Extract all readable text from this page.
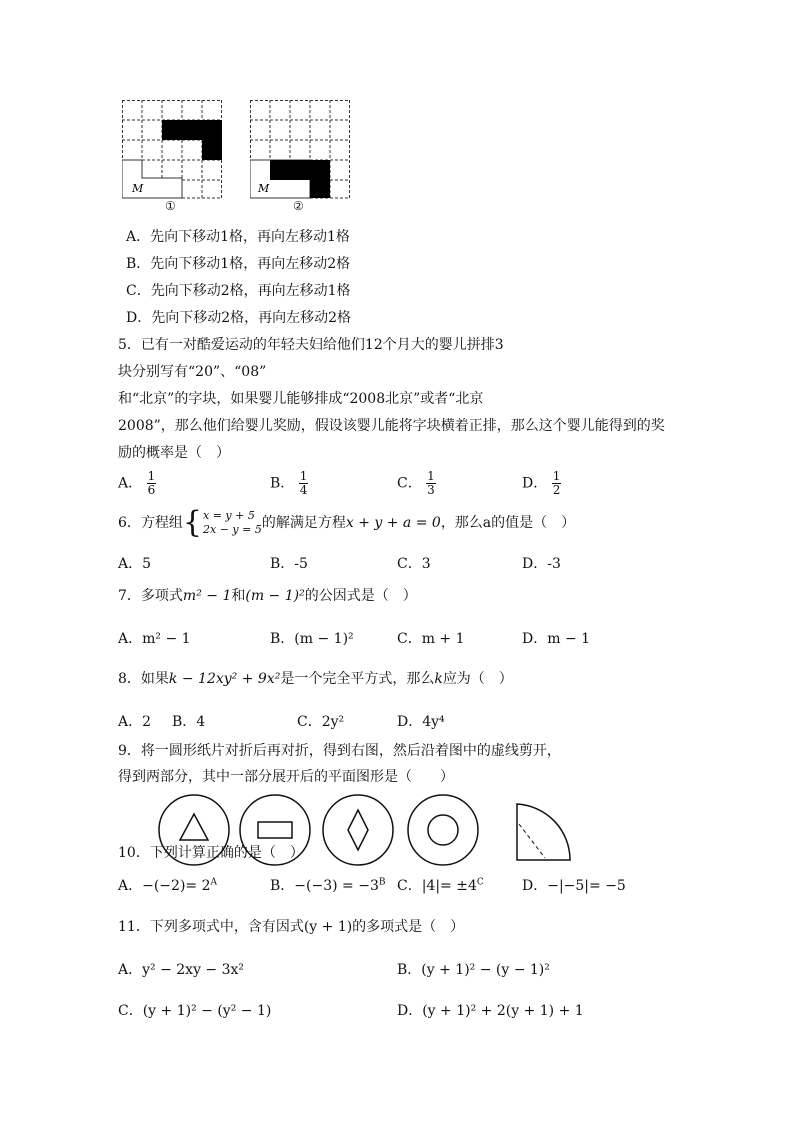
M
①
M
②
A．先向下移动1格，再向左移动1格
B．先向下移动1格，再向左移动2格
C．先向下移动2格，再向左移动1格
D．先向下移动2格，再向左移动2格
5．已有一对酷爱运动的年轻夫妇给他们12个月大的婴儿拼排3
块分别写有“20”、“08”
和“北京”的字块，如果婴儿能够排成“2008北京”或者“北京
2008”，那么他们给婴儿奖励，假设该婴儿能将字块横着正排，那么这个婴儿能得到的奖
励的概率是（　）
A． $\frac{1}{6}$	B． $\frac{1}{4}$	C． $\frac{1}{3}$	D． $\frac{1}{2}$
6．方程组 { x = y + 5
2x − y = 5 的解满足方程x + y + a = 0，那么a的值是（　）
A．5	B．-5	C．3	D．-3
7．多项式m² − 1和(m − 1)²的公因式是（　）
A．m² − 1	B．(m − 1)²	C．m + 1	D．m − 1
8．如果k − 12xy² + 9x²是一个完全平方式，那么k应为（　）
A．2 B．4	C．2y²	D．4y⁴
9．将一圆形纸片对折后再对折，得到右图，然后沿着图中的虚线剪开，
得到两部分，其中一部分展开后的平面图形是（　　）
10．下列计算正确的是（　）
A．$-(-2)= 2^A$	B．$-(-3) = -3^B$ C．$|4|= \pm 4^C$	D．−|−5|= −5
11．下列多项式中，含有因式(y + 1)的多项式是（　）
A．y² − 2xy − 3x²	B．(y + 1)² − (y − 1)²
C．(y + 1)² − (y² − 1)	D．(y + 1)² + 2(y + 1) + 1
